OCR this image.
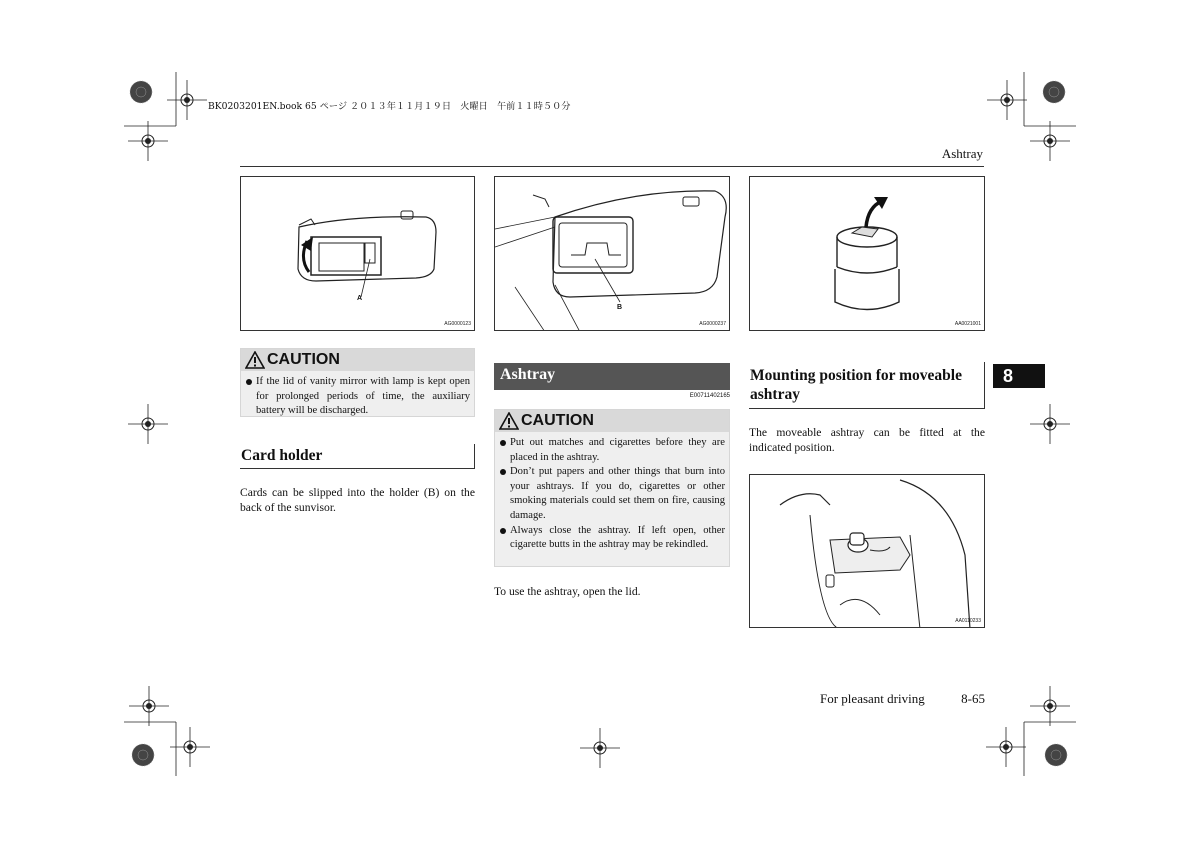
BK0203201EN.book 65 ページ ２０１３年１１月１９日　火曜日　午前１１時５０分
Ashtray
A
AG0000123
B
AG0000237	AA0021001
CAUTION
If the lid of vanity mirror with lamp is kept open for prolonged periods of time, the auxiliary battery will be discharged.
Card holder
Cards can be slipped into the holder (B) on the back of the sunvisor.
Ashtray
E00711402165
CAUTION
Put out matches and cigarettes before they are placed in the ashtray.
Don’t put papers and other things that burn into your ashtrays. If you do, cigarettes or other smoking materials could set them on fire, causing damage.
Always close the ashtray. If left open, other cigarette butts in the ashtray may be rekindled.
To use the ashtray, open the lid.
Mounting position for moveable ashtray
The moveable ashtray can be fitted at the indicated position.
AA0110233
8
For pleasant driving	8-65
